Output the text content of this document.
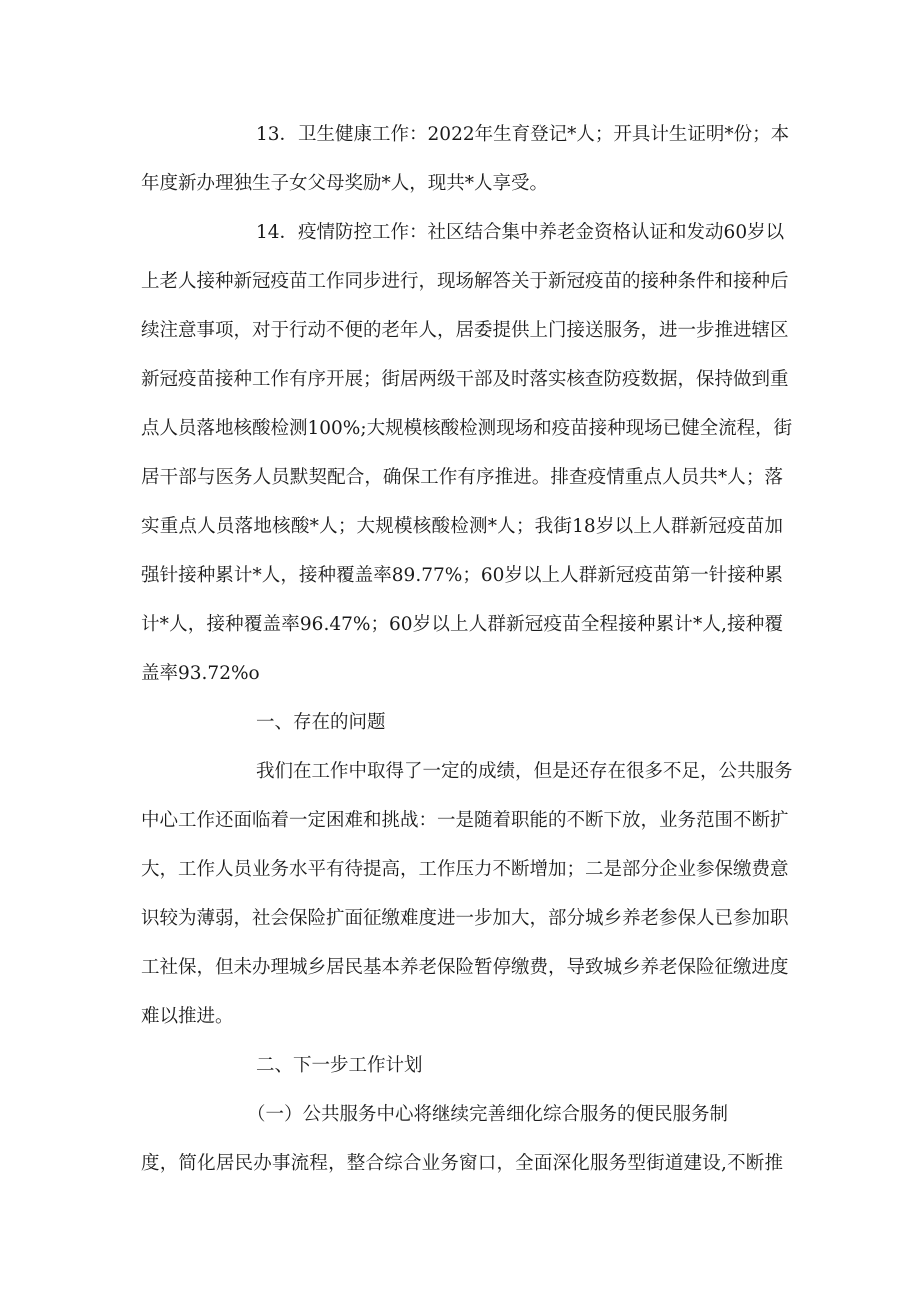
13．卫生健康工作：2022年生育登记*人；开具计生证明*份；本
年度新办理独生子女父母奖励*人，现共*人享受。
14．疫情防控工作：社区结合集中养老金资格认证和发动60岁以
上老人接种新冠疫苗工作同步进行，现场解答关于新冠疫苗的接种条件和接种后
续注意事项，对于行动不便的老年人，居委提供上门接送服务，进一步推进辖区
新冠疫苗接种工作有序开展；街居两级干部及时落实核查防疫数据，保持做到重
点人员落地核酸检测100%;大规模核酸检测现场和疫苗接种现场已健全流程，街
居干部与医务人员默契配合，确保工作有序推进。排查疫情重点人员共*人；落
实重点人员落地核酸*人；大规模核酸检测*人；我街18岁以上人群新冠疫苗加
强针接种累计*人，接种覆盖率89.77%；60岁以上人群新冠疫苗第一针接种累
计*人，接种覆盖率96.47%；60岁以上人群新冠疫苗全程接种累计*人,接种覆
盖率93.72%o
一、存在的问题
我们在工作中取得了一定的成绩，但是还存在很多不足，公共服务
中心工作还面临着一定困难和挑战：一是随着职能的不断下放，业务范围不断扩
大，工作人员业务水平有待提高，工作压力不断增加；二是部分企业参保缴费意
识较为薄弱，社会保险扩面征缴难度进一步加大，部分城乡养老参保人已参加职
工社保，但未办理城乡居民基本养老保险暂停缴费，导致城乡养老保险征缴进度
难以推进。
二、下一步工作计划
（一）公共服务中心将继续完善细化综合服务的便民服务制
度，简化居民办事流程，整合综合业务窗口，全面深化服务型街道建设,不断推
